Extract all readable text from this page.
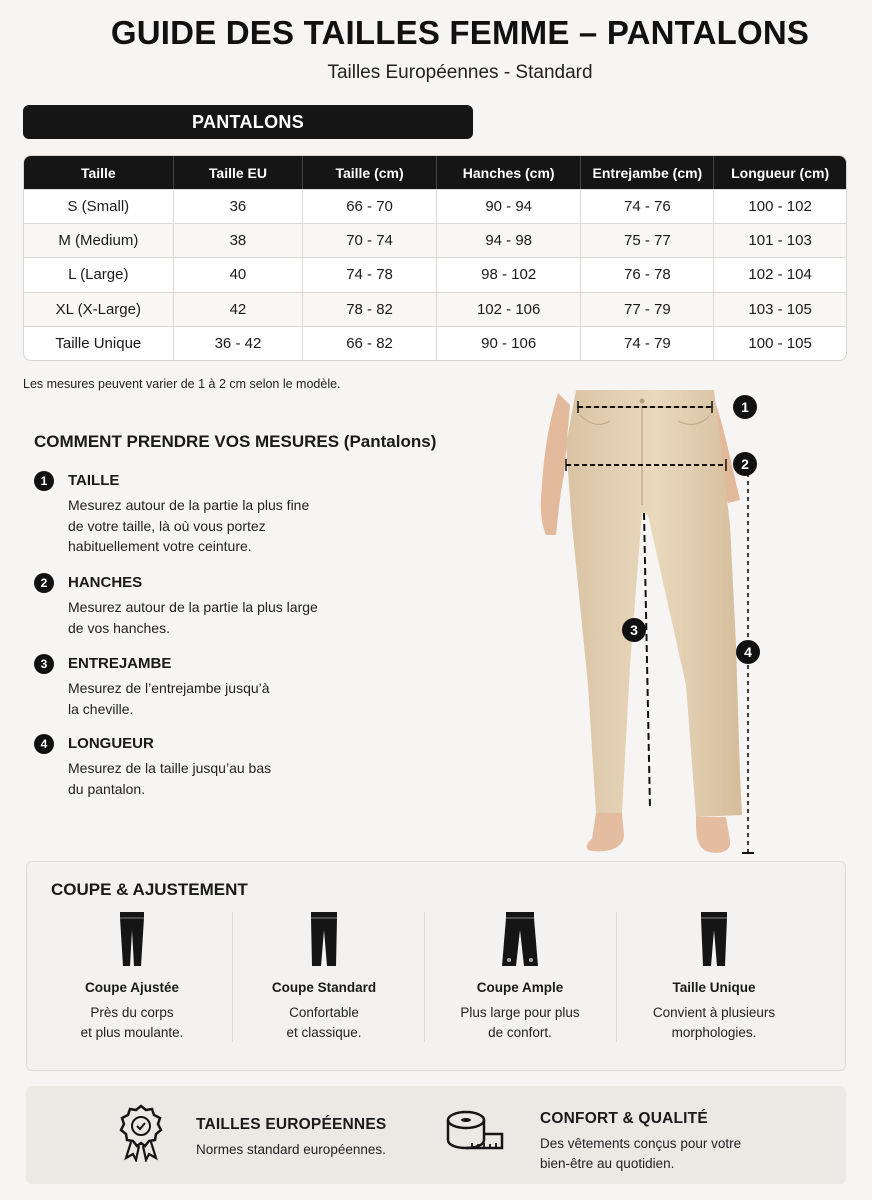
GUIDE DES TAILLES FEMME – PANTALONS
Tailles Européennes - Standard
PANTALONS
Taille	Taille EU	Taille (cm)	Hanches (cm)	Entrejambe (cm)	Longueur (cm)
S (Small)	36	66 - 70	90 - 94	74 - 76	100 - 102
M (Medium)	38	70 - 74	94 - 98	75 - 77	101 - 103
L (Large)	40	74 - 78	98 - 102	76 - 78	102 - 104
XL (X-Large)	42	78 - 82	102 - 106	77 - 79	103 - 105
Taille Unique	36 - 42	66 - 82	90 - 106	74 - 79	100 - 105
Les mesures peuvent varier de 1 à 2 cm selon le modèle.
COMMENT PRENDRE VOS MESURES (Pantalons)
1	TAILLE
Mesurez autour de la partie la plus fine
de votre taille, là où vous portez
habituellement votre ceinture.
2	HANCHES
Mesurez autour de la partie la plus large
de vos hanches.
3	ENTREJAMBE
Mesurez de l’entrejambe jusqu’à
la cheville.
4	LONGUEUR
Mesurez de la taille jusqu’au bas
du pantalon.
1
2
3
4
COUPE & AJUSTEMENT
Coupe Ajustée
Près du corps
et plus moulante.
Coupe Standard
Confortable
et classique.
Coupe Ample
Plus large pour plus
de confort.
Taille Unique
Convient à plusieurs
morphologies.
TAILLES EUROPÉENNES
Normes standard européennes.
CONFORT & QUALITÉ
Des vêtements conçus pour votre
bien-être au quotidien.
